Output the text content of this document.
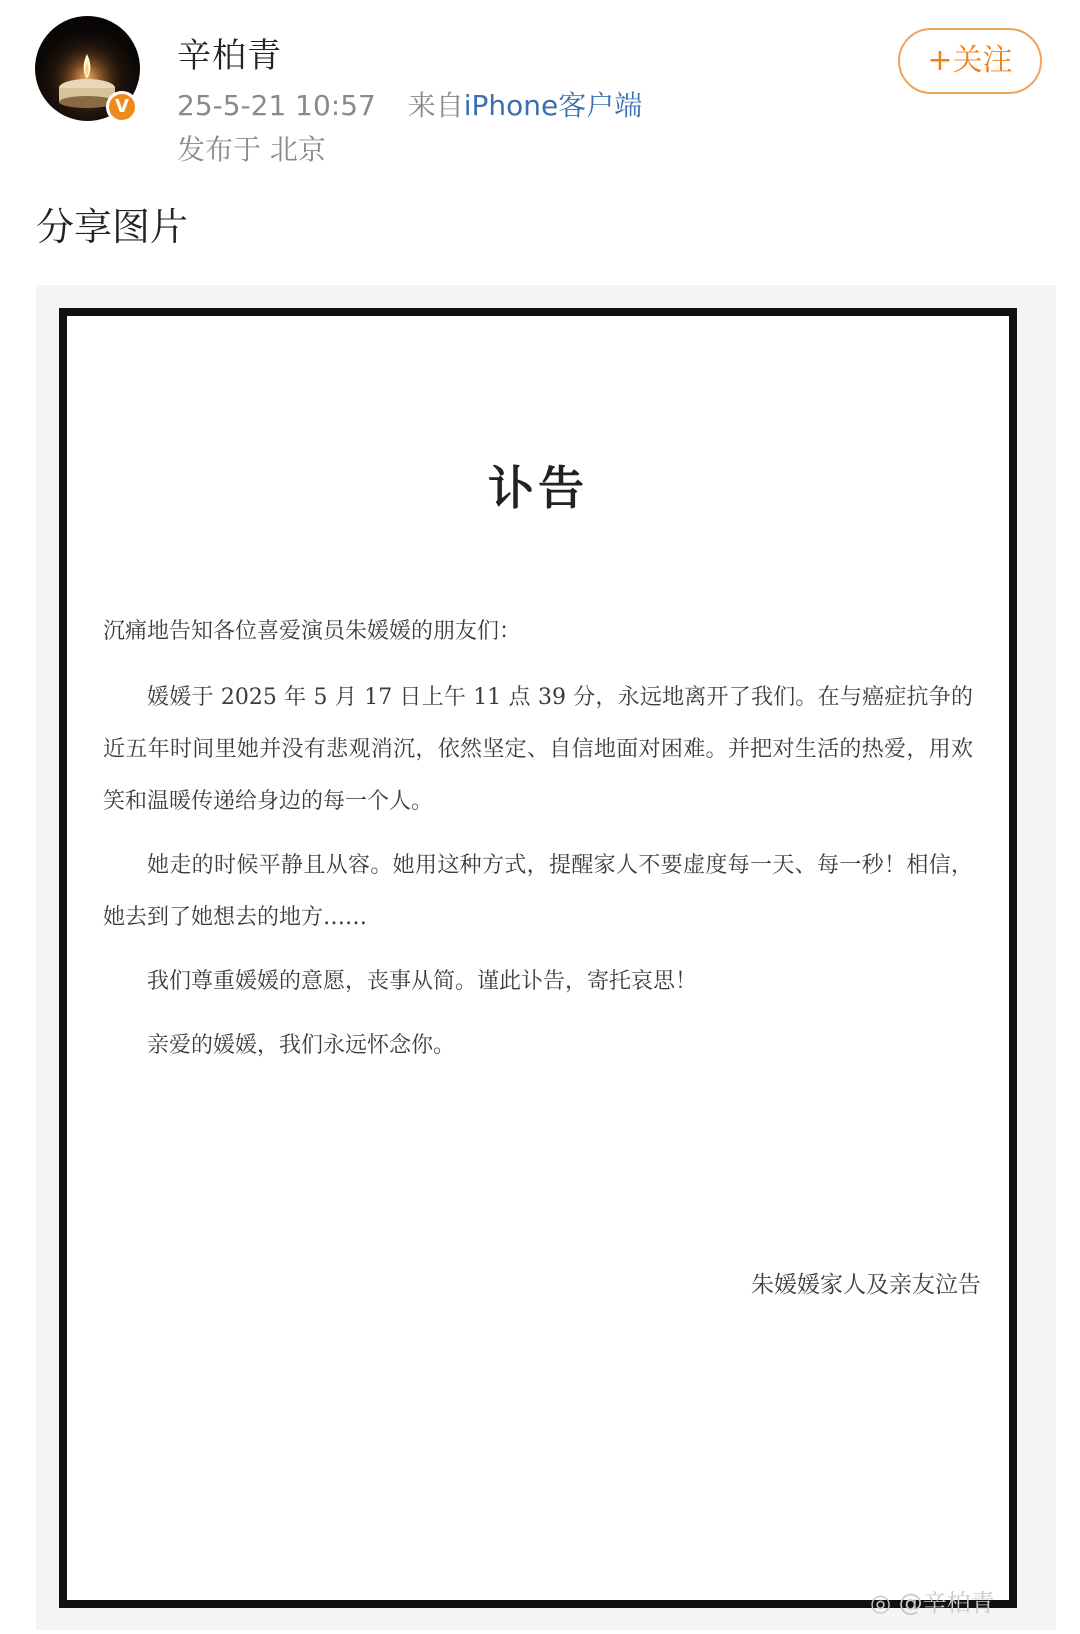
V
辛柏青
25-5-21 10:57 来自iPhone客户端
发布于 北京
+关注
分享图片
讣告

沉痛地告知各位喜爱演员朱媛媛的朋友们：

媛媛于 2025 年 5 月 17 日上午 11 点 39 分，永远地离开了我们。在与癌症抗争的近五年时间里她并没有悲观消沉，依然坚定、自信地面对困难。并把对生活的热爱，用欢笑和温暖传递给身边的每一个人。

她走的时候平静且从容。她用这种方式，提醒家人不要虚度每一天、每一秒！相信，她去到了她想去的地方……

我们尊重媛媛的意愿，丧事从简。谨此讣告，寄托哀思！

亲爱的媛媛，我们永远怀念你。

朱媛媛家人及亲友泣告
◎ @辛柏青
